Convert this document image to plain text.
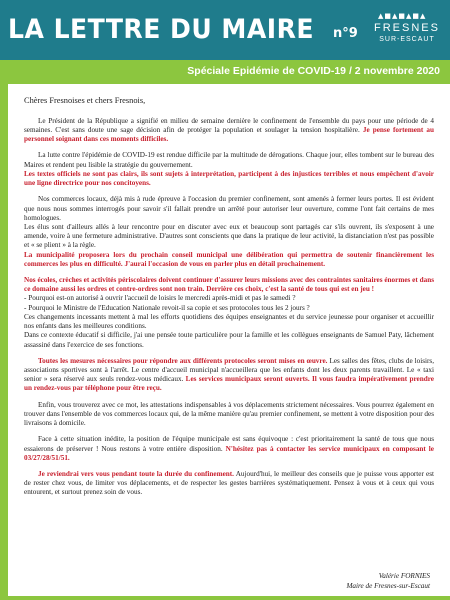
LA LETTRE DU MAIRE n°9
▲■▲■▲■▲
FRESNES
SUR-ESCAUT
Spéciale Epidémie de COVID-19 / 2 novembre 2020

Chères Fresnoises et chers Fresnois,

Le Président de la République a signifié en milieu de semaine dernière le confinement de l'ensemble du pays pour une période de 4 semaines. C'est sans doute une sage décision afin de protéger la population et soulager la tension hospitalière. Je pense fortement au personnel soignant dans ces moments difficiles.

La lutte contre l'épidémie de COVID-19 est rendue difficile par la multitude de dérogations. Chaque jour, elles tombent sur le bureau des Maires et rendent peu lisible la stratégie du gouvernement.
Les textes officiels ne sont pas clairs, ils sont sujets à interprétation, participent à des injustices terribles et nous empêchent d'avoir une ligne directrice pour nos concitoyens.

Nos commerces locaux, déjà mis à rude épreuve à l'occasion du premier confinement, sont amenés à fermer leurs portes. Il est évident que nous nous sommes interrogés pour savoir s'il fallait prendre un arrêté pour autoriser leur ouverture, comme l'ont fait certains de mes homologues.
Les élus sont d'ailleurs allés à leur rencontre pour en discuter avec eux et beaucoup sont partagés car s'ils ouvrent, ils s'exposent à une amende, voire à une fermeture administrative. D'autres sont conscients que dans la pratique de leur activité, la distanciation n'est pas possible et « se plient » à la règle.
La municipalité proposera lors du prochain conseil municipal une délibération qui permettra de soutenir financièrement les commerces les plus en difficulté. J'aurai l'occasion de vous en parler plus en détail prochainement.

Nos écoles, crèches et activités périscolaires doivent continuer d'assurer leurs missions avec des contraintes sanitaires énormes et dans ce domaine aussi les ordres et contre-ordres sont non train. Derrière ces choix, c'est la santé de tous qui est en jeu !
- Pourquoi est-on autorisé à ouvrir l'accueil de loisirs le mercredi après-midi et pas le samedi ?
- Pourquoi le Ministre de l'Education Nationale revoit-il sa copie et ses protocoles tous les 2 jours ?
Ces changements incessants mettent à mal les efforts quotidiens des équipes enseignantes et du service jeunesse pour organiser et accueillir nos enfants dans les meilleures conditions.
Dans ce contexte éducatif si difficile, j'ai une pensée toute particulière pour la famille et les collègues enseignants de Samuel Paty, lâchement assassiné dans l'exercice de ses fonctions.

Toutes les mesures nécessaires pour répondre aux différents protocoles seront mises en œuvre. Les salles des fêtes, clubs de loisirs, associations sportives sont à l'arrêt. Le centre d'accueil municipal n'accueillera que les enfants dont les deux parents travaillent. Le « taxi senior » sera réservé aux seuls rendez-vous médicaux. Les services municipaux seront ouverts. Il vous faudra impérativement prendre un rendez-vous par téléphone pour être reçu.

Enfin, vous trouverez avec ce mot, les attestations indispensables à vos déplacements strictement nécessaires. Vous pourrez également en trouver dans l'ensemble de vos commerces locaux qui, de la même manière qu'au premier confinement, se mettent à votre disposition pour des livraisons à domicile.

Face à cette situation inédite, la position de l'équipe municipale est sans équivoque : c'est prioritairement la santé de tous que nous essaierons de préserver ! Nous restons à votre entière disposition. N'hésitez pas à contacter les service municipaux en composant le 03/27/28/51/51.

Je reviendrai vers vous pendant toute la durée du confinement. Aujourd'hui, le meilleur des conseils que je puisse vous apporter est de rester chez vous, de limiter vos déplacements, et de respecter les gestes barrières systématiquement. Pensez à vous et à ceux qui vous entourent, et surtout prenez soin de vous.

Valérie FORNIES
Maire de Fresnes-sur-Escaut
